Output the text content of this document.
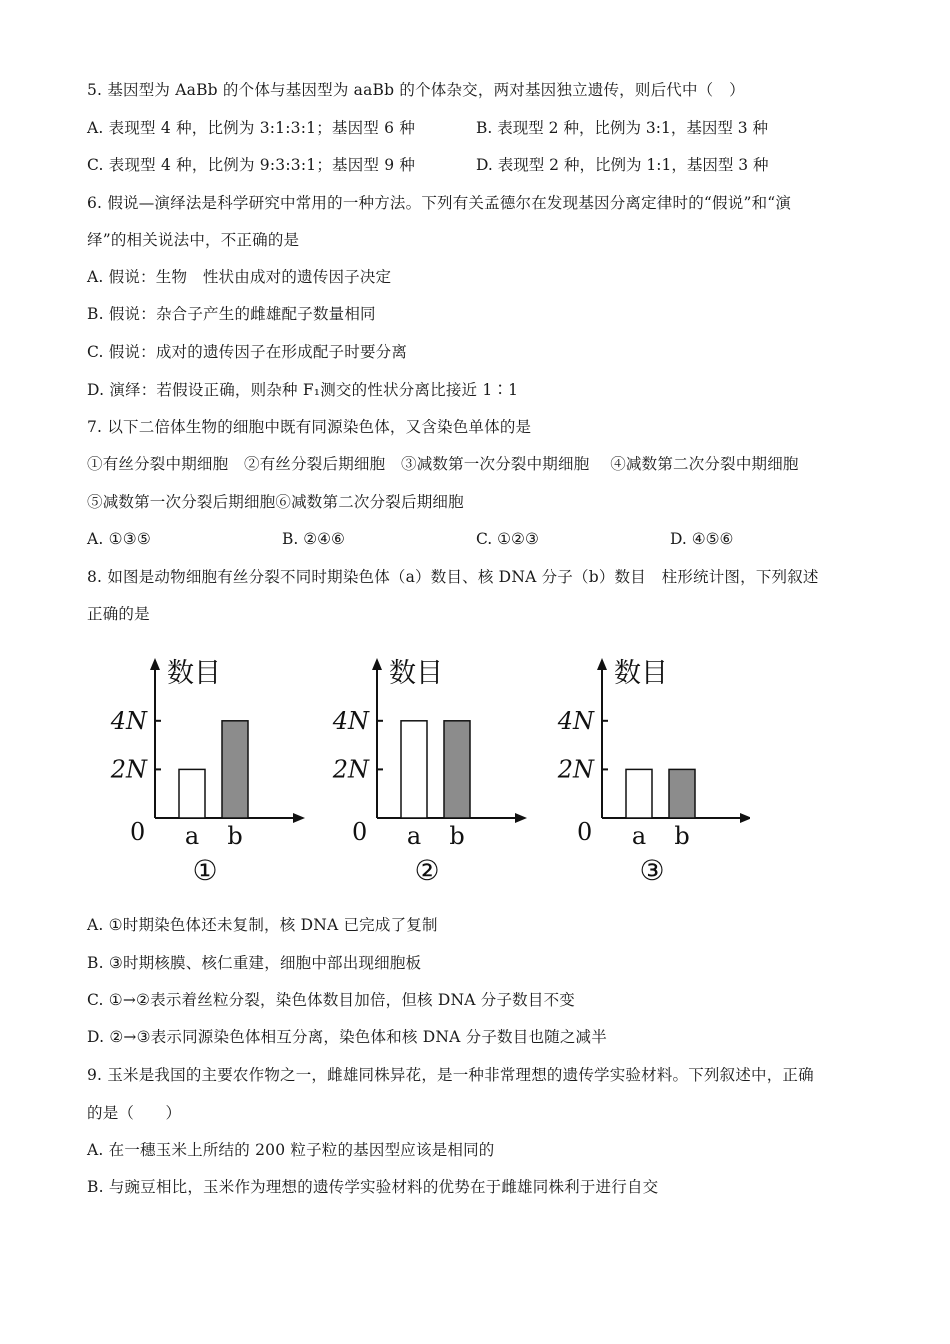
5. 基因型为 AaBb 的个体与基因型为 aaBb 的个体杂交，两对基因独立遗传，则后代中（　）
A. 表现型 4 种，比例为 3:1:3:1；基因型 6 种	B. 表现型 2 种，比例为 3:1，基因型 3 种
C. 表现型 4 种，比例为 9:3:3:1；基因型 9 种	D. 表现型 2 种，比例为 1:1，基因型 3 种
6. 假说—演绎法是科学研究中常用的一种方法。下列有关孟德尔在发现基因分离定律时的“假说”和“演
绎”的相关说法中，不正确的是
A. 假说：生物　性状由成对的遗传因子决定
B. 假说：杂合子产生的雌雄配子数量相同
C. 假说：成对的遗传因子在形成配子时要分离
D. 演绎：若假设正确，则杂种 F₁测交的性状分离比接近 1∶1
7. 以下二倍体生物的细胞中既有同源染色体，又含染色单体的是
①有丝分裂中期细胞　②有丝分裂后期细胞　③减数第一次分裂中期细胞　 ④减数第二次分裂中期细胞
⑤减数第一次分裂后期细胞⑥减数第二次分裂后期细胞
A. ①③⑤	B. ②④⑥	C. ①②③	D. ④⑤⑥
8. 如图是动物细胞有丝分裂不同时期染色体（a）数目、核 DNA 分子（b）数目　柱形统计图，下列叙述
正确的是
数目
0
2N
4N
a b
①
数目
0
2N
4N
a b
②
数目
0
2N
4N
a b
③
A. ①时期染色体还未复制，核 DNA 已完成了复制
B. ③时期核膜、核仁重建，细胞中部出现细胞板
C. ①→②表示着丝粒分裂，染色体数目加倍，但核 DNA 分子数目不变
D. ②→③表示同源染色体相互分离，染色体和核 DNA 分子数目也随之减半
9. 玉米是我国的主要农作物之一，雌雄同株异花，是一种非常理想的遗传学实验材料。下列叙述中，正确
的是（　　）
A. 在一穗玉米上所结的 200 粒子粒的基因型应该是相同的
B. 与豌豆相比，玉米作为理想的遗传学实验材料的优势在于雌雄同株利于进行自交
